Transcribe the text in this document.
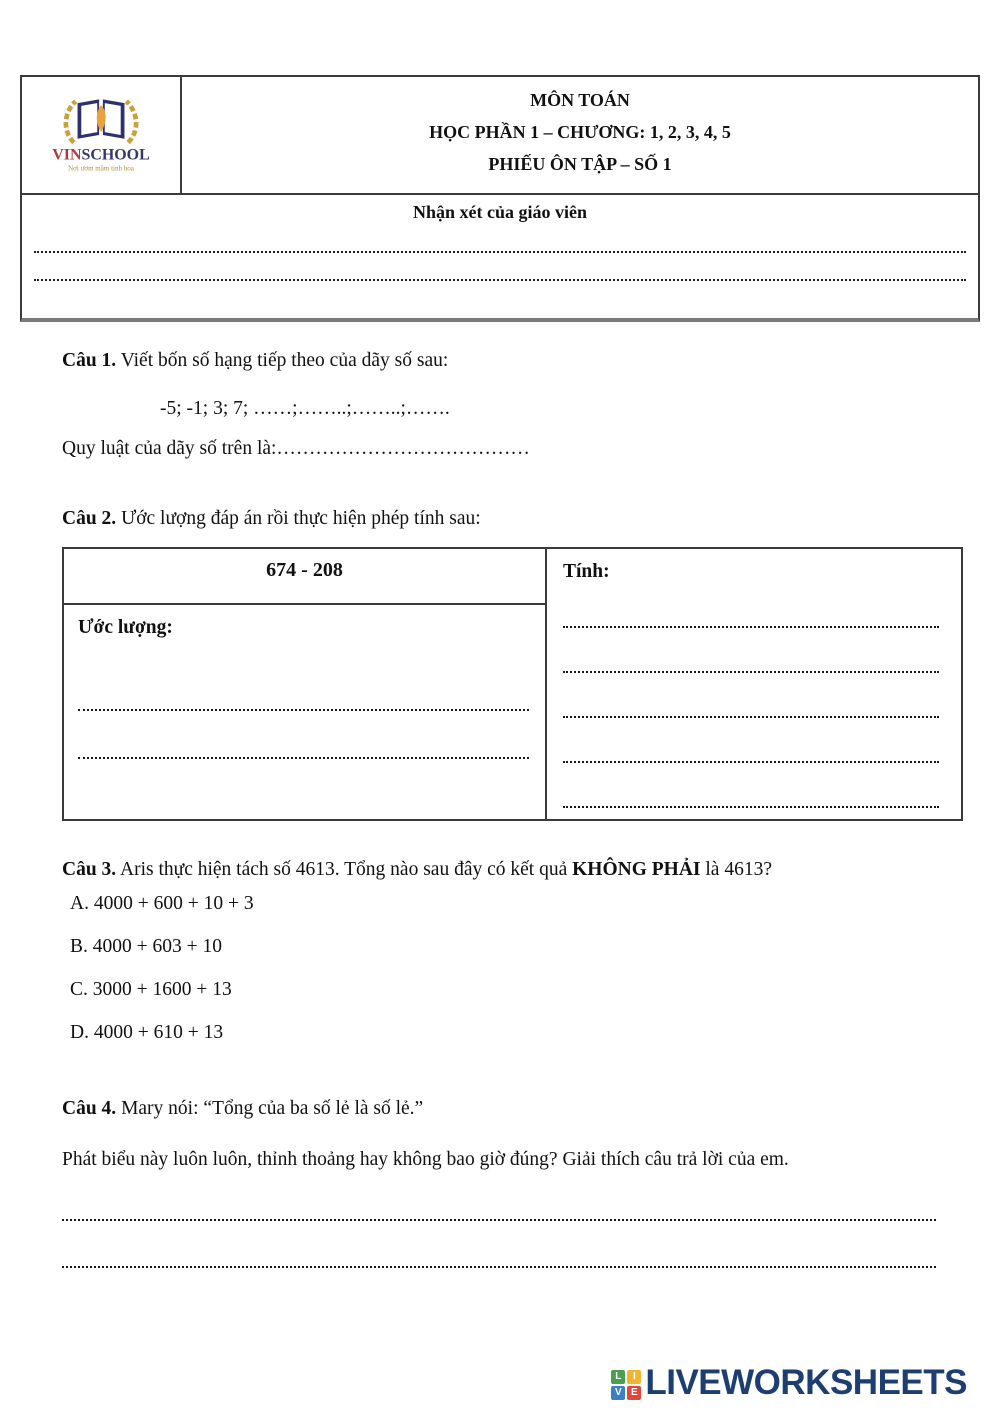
VINSCHOOL
Nơi ươm mầm tinh hoa
MÔN TOÁN
HỌC PHẦN 1 – CHƯƠNG: 1, 2, 3, 4, 5
PHIẾU ÔN TẬP – SỐ 1
Nhận xét của giáo viên
Câu 1. Viết bốn số hạng tiếp theo của dãy số sau:
-5; -1; 3; 7; ……;……..;……..;…….
Quy luật của dãy số trên là:…………………………………
Câu 2. Ước lượng đáp án rồi thực hiện phép tính sau:
674 - 208
Ước lượng:
Tính:
Câu 3. Aris thực hiện tách số 4613. Tổng nào sau đây có kết quả KHÔNG PHẢI là 4613?
A. 4000 + 600 + 10 + 3
B. 4000 + 603 + 10
C. 3000 + 1600 + 13
D. 4000 + 610 + 13
Câu 4. Mary nói: “Tổng của ba số lẻ là số lẻ.”
Phát biểu này luôn luôn, thỉnh thoảng hay không bao giờ đúng? Giải thích câu trả lời của em.
L	I
V E LIVEWORKSHEETS
